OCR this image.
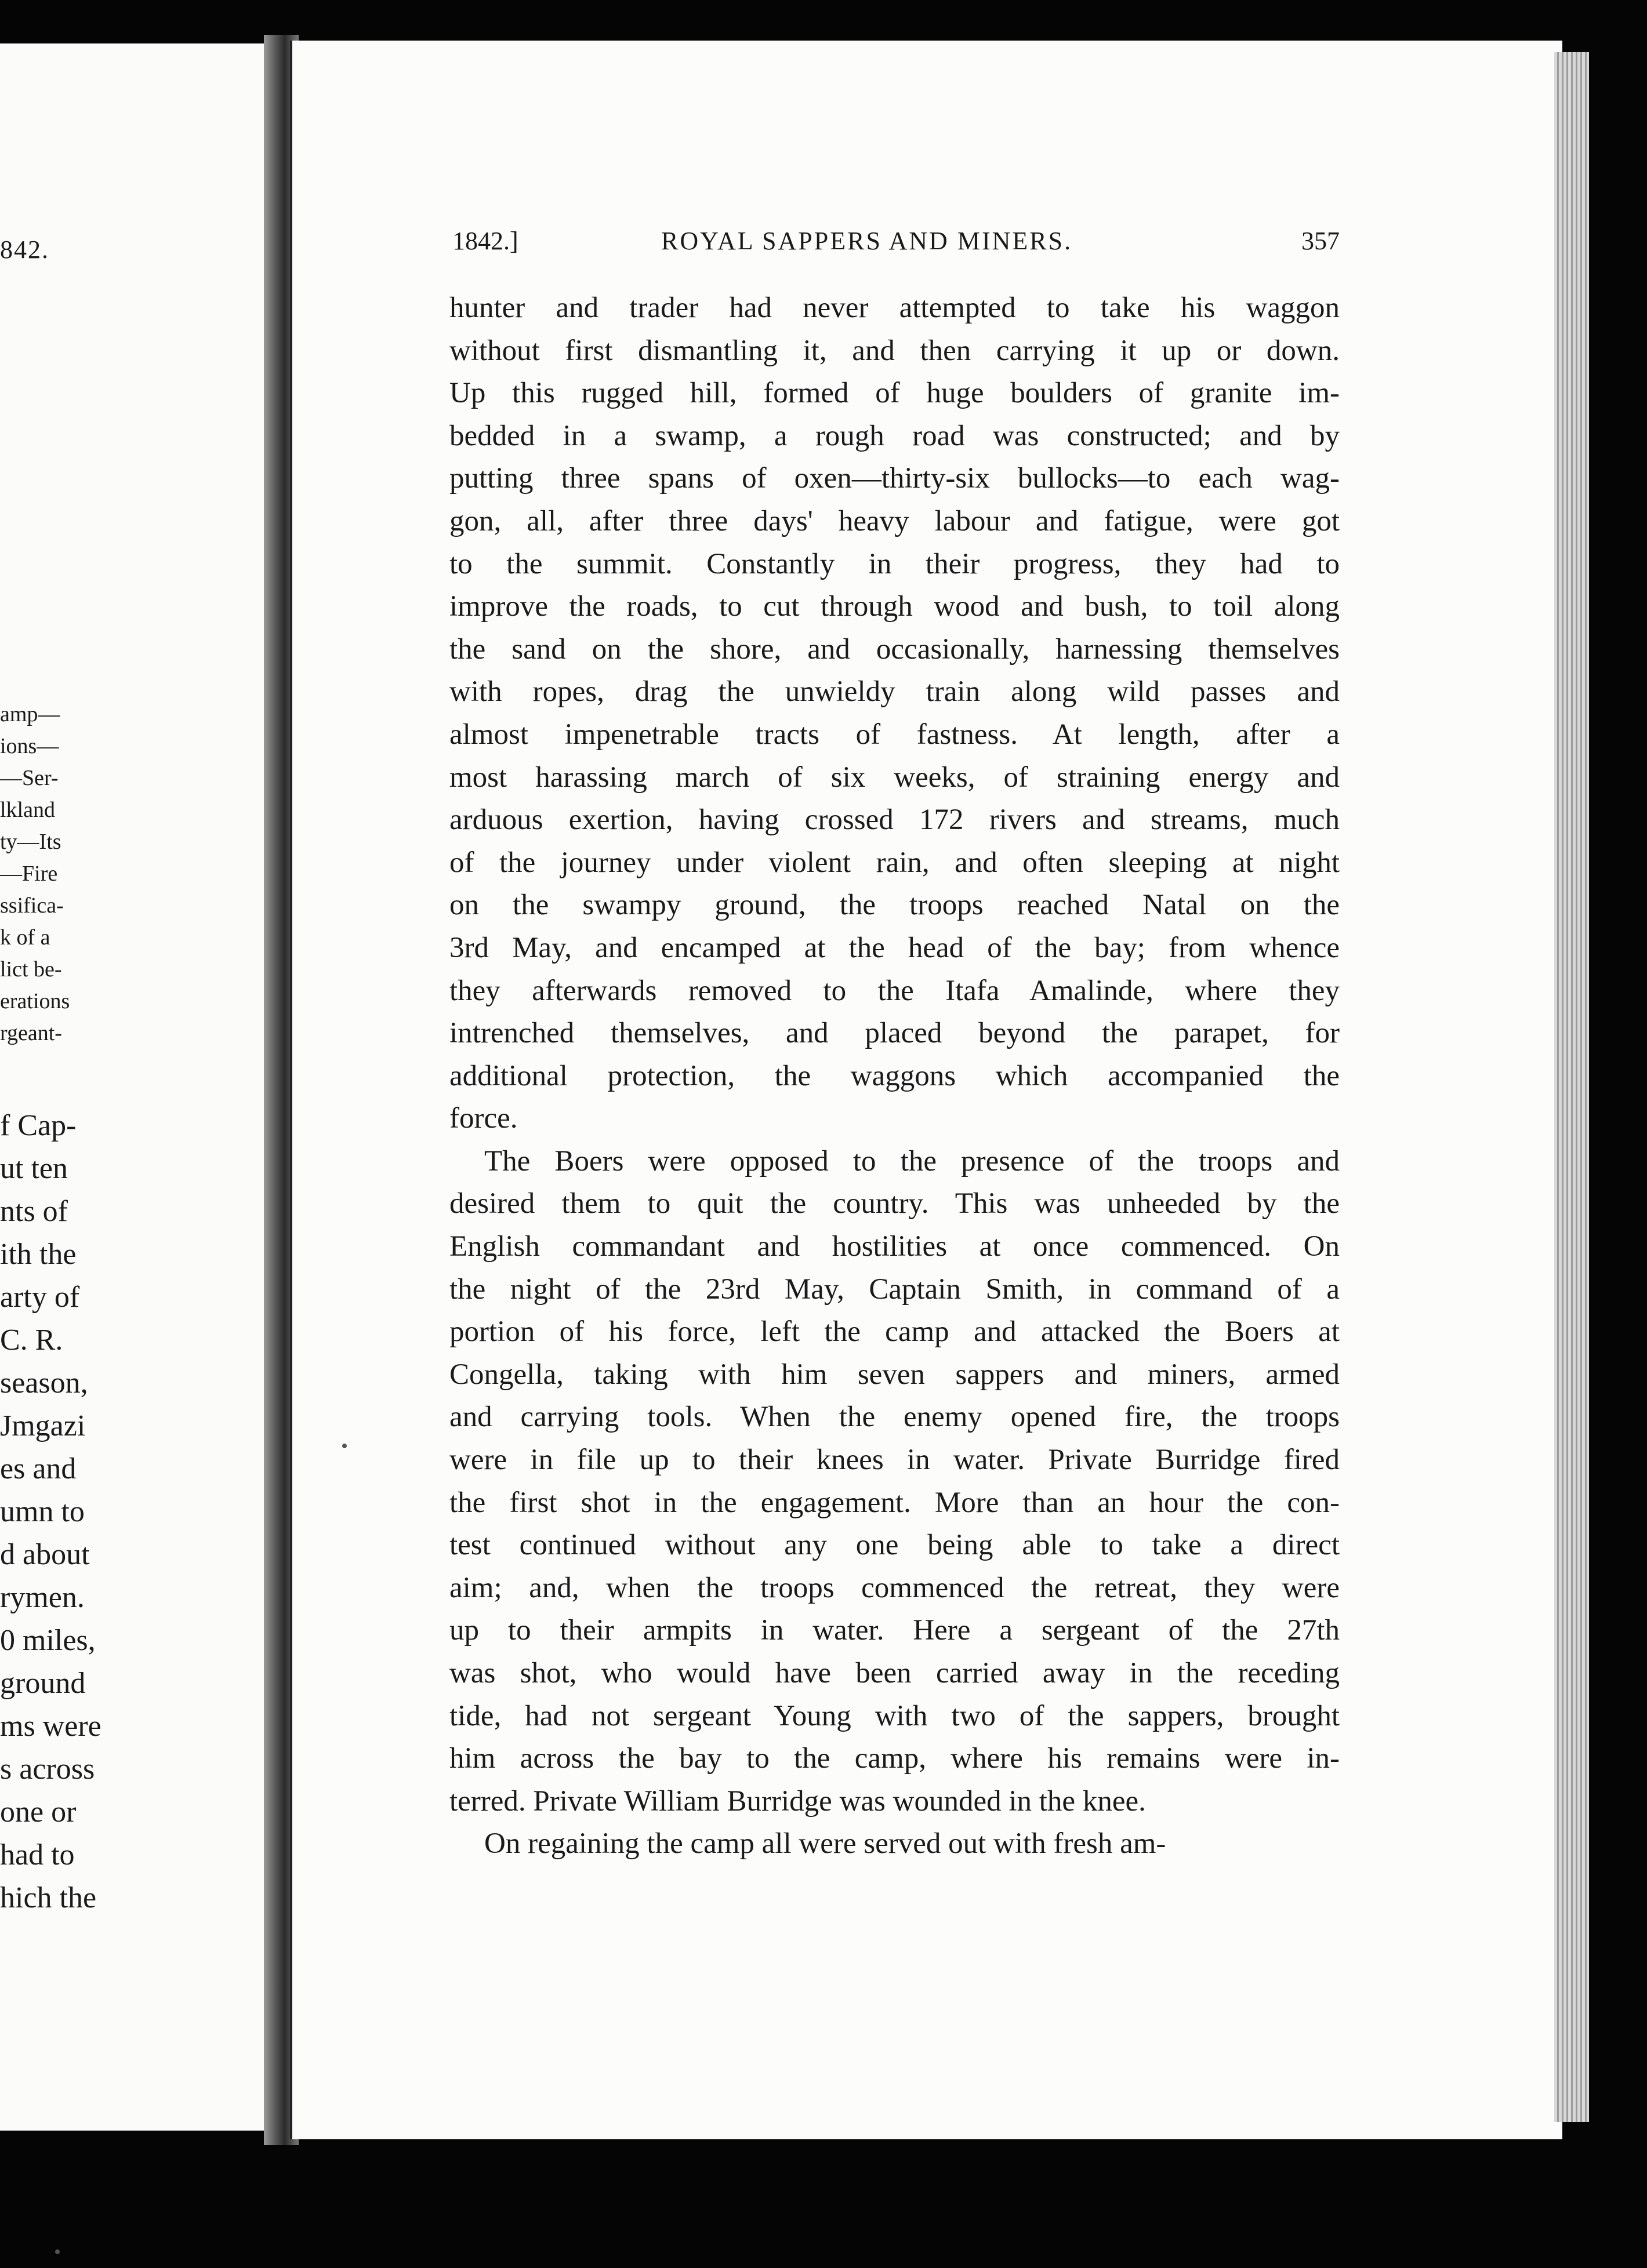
842.
amp—
ions—
—Ser-
lkland
ty—Its
—Fire
ssifica-
k of a
lict be-
erations
rgeant-
f Cap-
ut ten
nts of
ith the
arty of
C. R.
season,
Jmgazi
es and
umn to
d about
rymen.
0 miles,
ground
ms were
s across
one or
had to
hich the
1842.]	ROYAL SAPPERS AND MINERS.	357
hunter and trader had never attempted to take his waggon
without first dismantling it, and then carrying it up or down.
Up this rugged hill, formed of huge boulders of granite im-
bedded in a swamp, a rough road was constructed; and by
putting three spans of oxen—thirty-six bullocks—to each wag-
gon, all, after three days' heavy labour and fatigue, were got
to the summit. Constantly in their progress, they had to
improve the roads, to cut through wood and bush, to toil along
the sand on the shore, and occasionally, harnessing themselves
with ropes, drag the unwieldy train along wild passes and
almost impenetrable tracts of fastness. At length, after a
most harassing march of six weeks, of straining energy and
arduous exertion, having crossed 172 rivers and streams, much
of the journey under violent rain, and often sleeping at night
on the swampy ground, the troops reached Natal on the
3rd May, and encamped at the head of the bay; from whence
they afterwards removed to the Itafa Amalinde, where they
intrenched themselves, and placed beyond the parapet, for
additional protection, the waggons which accompanied the
force.
The Boers were opposed to the presence of the troops and
desired them to quit the country. This was unheeded by the
English commandant and hostilities at once commenced. On
the night of the 23rd May, Captain Smith, in command of a
portion of his force, left the camp and attacked the Boers at
Congella, taking with him seven sappers and miners, armed
and carrying tools. When the enemy opened fire, the troops
were in file up to their knees in water. Private Burridge fired
the first shot in the engagement. More than an hour the con-
test continued without any one being able to take a direct
aim; and, when the troops commenced the retreat, they were
up to their armpits in water. Here a sergeant of the 27th
was shot, who would have been carried away in the receding
tide, had not sergeant Young with two of the sappers, brought
him across the bay to the camp, where his remains were in-
terred. Private William Burridge was wounded in the knee.
On regaining the camp all were served out with fresh am-
